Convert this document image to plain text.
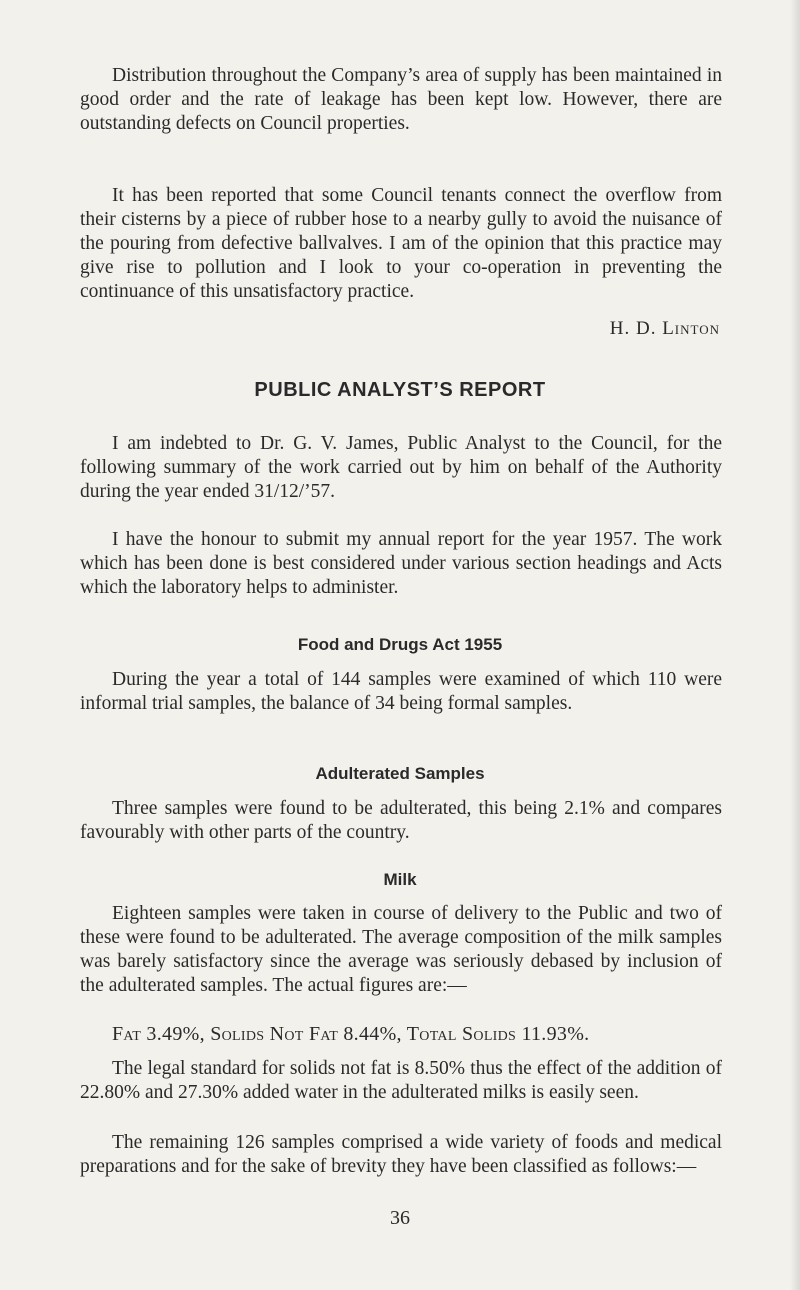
Distribution throughout the Company’s area of supply has been maintained in good order and the rate of leakage has been kept low. However, there are outstanding defects on Council properties.

It has been reported that some Council tenants connect the overflow from their cisterns by a piece of rubber hose to a nearby gully to avoid the nuisance of the pouring from defective ballvalves. I am of the opinion that this practice may give rise to pollution and I look to your co-operation in preventing the continuance of this unsatisfactory practice.

H. D. Linton
PUBLIC ANALYST’S REPORT

I am indebted to Dr. G. V. James, Public Analyst to the Council, for the following summary of the work carried out by him on behalf of the Authority during the year ended 31/12/’57.

I have the honour to submit my annual report for the year 1957. The work which has been done is best considered under various section headings and Acts which the laboratory helps to administer.

Food and Drugs Act 1955

During the year a total of 144 samples were examined of which 110 were informal trial samples, the balance of 34 being formal samples.

Adulterated Samples

Three samples were found to be adulterated, this being 2.1% and compares favourably with other parts of the country.

Milk

Eighteen samples were taken in course of delivery to the Public and two of these were found to be adulterated. The average composition of the milk samples was barely satisfactory since the average was seriously debased by inclusion of the adulterated samples. The actual figures are:—

Fat 3.49%, Solids Not Fat 8.44%, Total Solids 11.93%.

The legal standard for solids not fat is 8.50% thus the effect of the addition of 22.80% and 27.30% added water in the adulterated milks is easily seen.

The remaining 126 samples comprised a wide variety of foods and medical preparations and for the sake of brevity they have been classified as follows:—

36
